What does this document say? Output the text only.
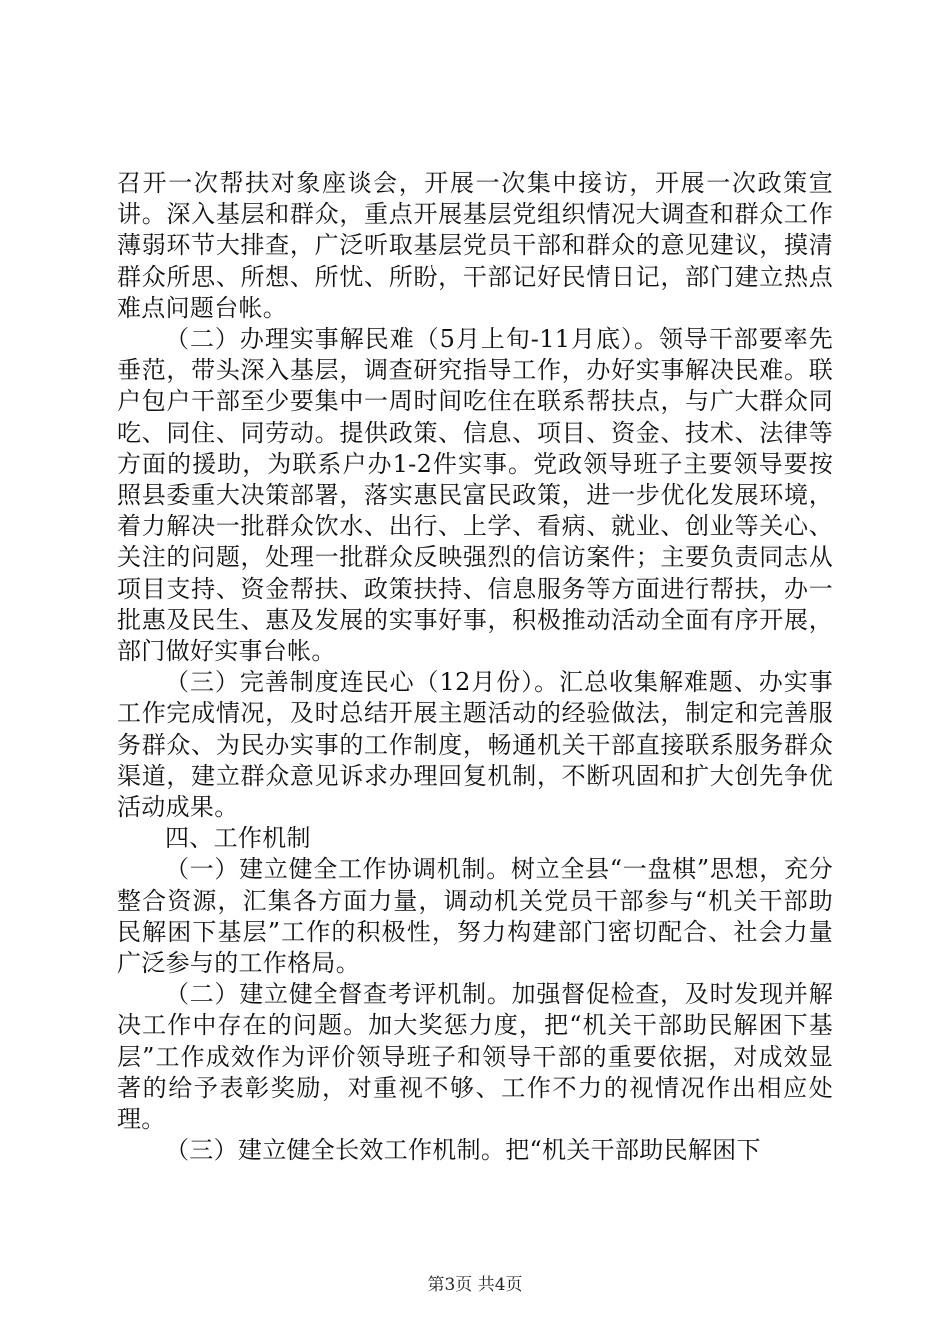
召开一次帮扶对象座谈会，开展一次集中接访，开展一次政策宣讲。深入基层和群众，重点开展基层党组织情况大调查和群众工作薄弱环节大排查，广泛听取基层党员干部和群众的意见建议，摸清群众所思、所想、所忧、所盼，干部记好民情日记，部门建立热点难点问题台帐。

（二）办理实事解民难（5月上旬-11月底）。领导干部要率先垂范，带头深入基层，调查研究指导工作，办好实事解决民难。联户包户干部至少要集中一周时间吃住在联系帮扶点，与广大群众同吃、同住、同劳动。提供政策、信息、项目、资金、技术、法律等方面的援助，为联系户办1-2件实事。党政领导班子主要领导要按照县委重大决策部署，落实惠民富民政策，进一步优化发展环境，着力解决一批群众饮水、出行、上学、看病、就业、创业等关心、关注的问题，处理一批群众反映强烈的信访案件；主要负责同志从项目支持、资金帮扶、政策扶持、信息服务等方面进行帮扶，办一批惠及民生、惠及发展的实事好事，积极推动活动全面有序开展，部门做好实事台帐。

（三）完善制度连民心（12月份）。汇总收集解难题、办实事工作完成情况，及时总结开展主题活动的经验做法，制定和完善服务群众、为民办实事的工作制度，畅通机关干部直接联系服务群众渠道，建立群众意见诉求办理回复机制，不断巩固和扩大创先争优活动成果。

四、工作机制

（一）建立健全工作协调机制。树立全县“一盘棋”思想，充分整合资源，汇集各方面力量，调动机关党员干部参与“机关干部助民解困下基层”工作的积极性，努力构建部门密切配合、社会力量广泛参与的工作格局。

（二）建立健全督查考评机制。加强督促检查，及时发现并解决工作中存在的问题。加大奖惩力度，把“机关干部助民解困下基层”工作成效作为评价领导班子和领导干部的重要依据，对成效显著的给予表彰奖励，对重视不够、工作不力的视情况作出相应处理。

（三）建立健全长效工作机制。把“机关干部助民解困下

第3页 共4页
